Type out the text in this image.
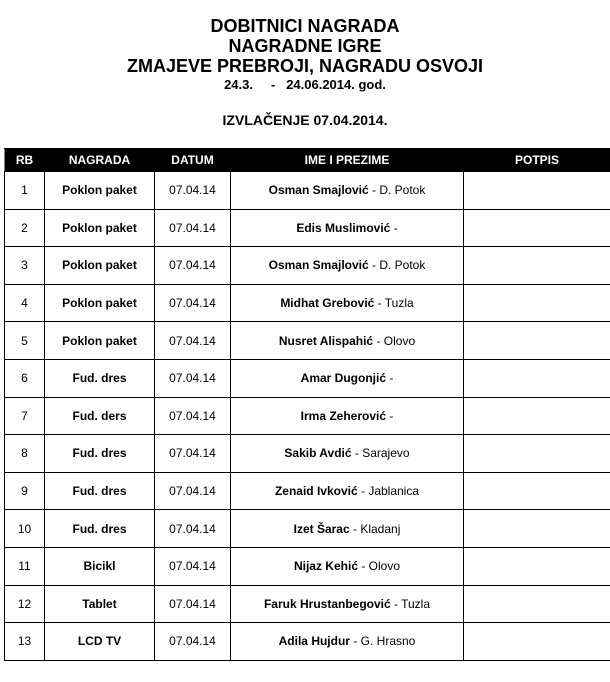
DOBITNICI NAGRADA
NAGRADNE IGRE
ZMAJEVE PREBROJI, NAGRADU OSVOJI
24.3. - 24.06.2014. god.
IZVLAČENJE 07.04.2014.
RB	NAGRADA	DATUM	IME I PREZIME	POTPIS
1	Poklon paket	07.04.14	Osman Smajlović - D. Potok	
2	Poklon paket	07.04.14	Edis Muslimović -	
3	Poklon paket	07.04.14	Osman Smajlović - D. Potok	
4	Poklon paket	07.04.14	Midhat Grebović - Tuzla	
5	Poklon paket	07.04.14	Nusret Alispahić - Olovo	
6	Fud. dres	07.04.14	Amar Dugonjić -	
7	Fud. ders	07.04.14	Irma Zeherović -	
8	Fud. dres	07.04.14	Sakib Avdić - Sarajevo	
9	Fud. dres	07.04.14	Zenaid Ivković - Jablanica	
10	Fud. dres	07.04.14	Izet Šarac - Kladanj	
11	Bicikl	07.04.14	Nijaz Kehić - Olovo	
12	Tablet	07.04.14	Faruk Hrustanbegović - Tuzla	
13	LCD TV	07.04.14	Adila Hujdur - G. Hrasno	
